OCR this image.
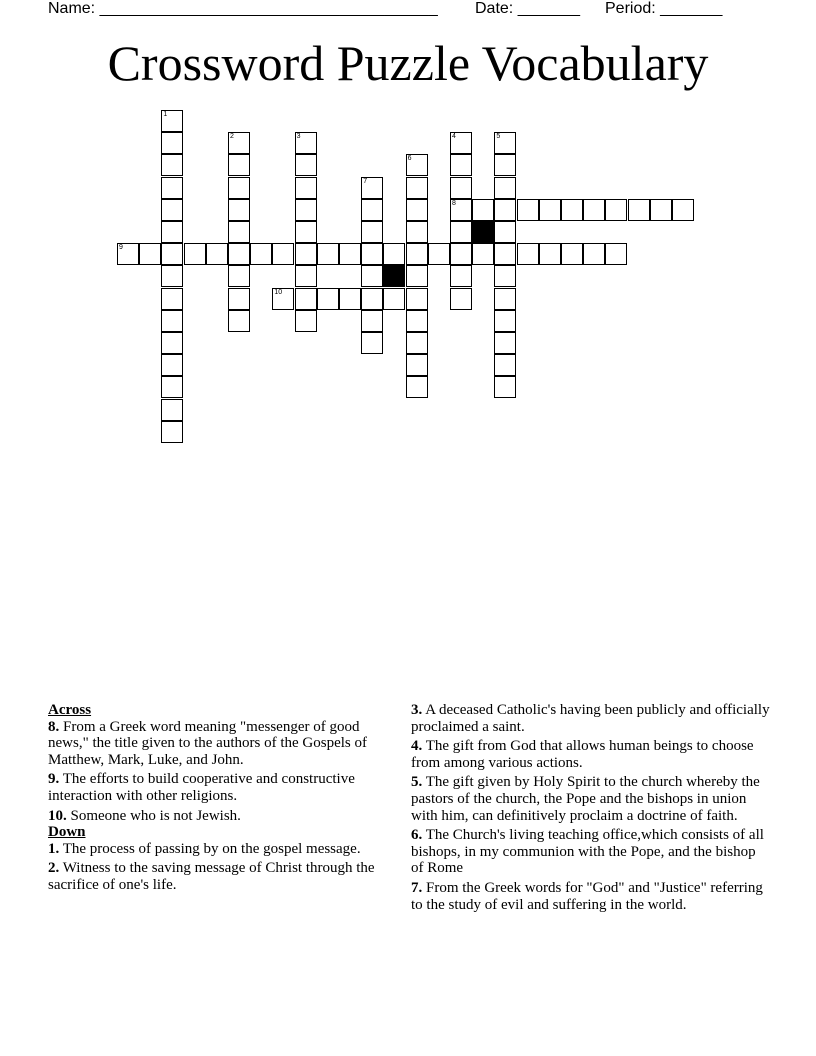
Name: ______________________________________ Date: _______ Period: _______
Crossword Puzzle Vocabulary
1
2	3
7
6
4
8
5
9
10

Across

8. From a Greek word meaning "messenger of good news," the title given to the authors of the Gospels of Matthew, Mark, Luke, and John.

9. The efforts to build cooperative and constructive interaction with other religions.

10. Someone who is not Jewish.

Down

1. The process of passing by on the gospel message.

2. Witness to the saving message of Christ through the sacrifice of one's life.

3. A deceased Catholic's having been publicly and officially proclaimed a saint.

4. The gift from God that allows human beings to choose from among various actions.

5. The gift given by Holy Spirit to the church whereby the pastors of the church, the Pope and the bishops in union with him, can definitively proclaim a doctrine of faith.

6. The Church's living teaching office,which consists of all bishops, in my communion with the Pope, and the bishop of Rome

7. From the Greek words for "God" and "Justice" referring to the study of evil and suffering in the world.
